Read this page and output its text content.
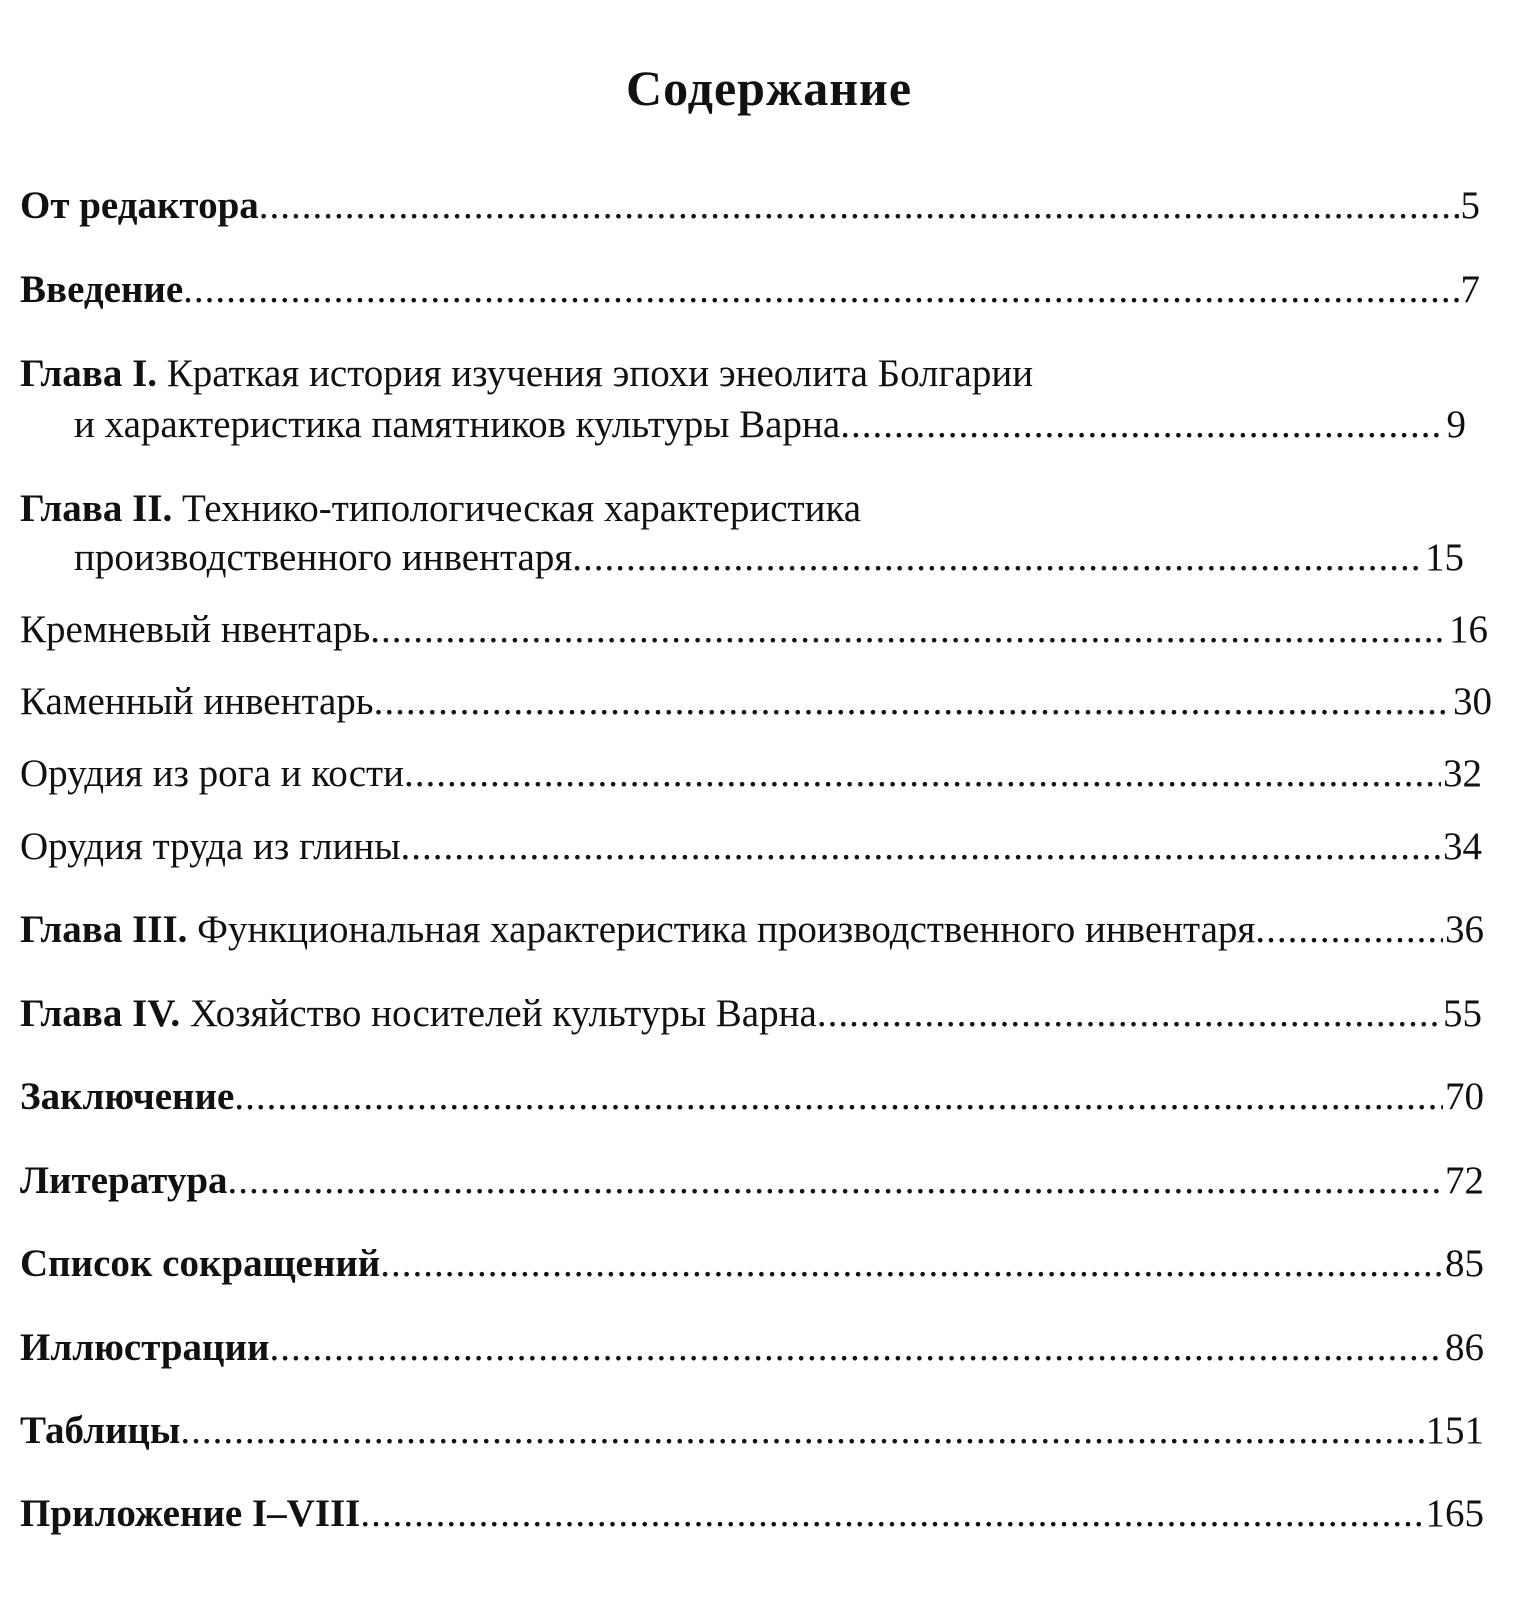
Содержание
От редактора .....	5
Введение .....	7
Глава I. Краткая история изучения эпохи энеолита Болгарии
и характеристика памятников культуры Варна .....	9
Глава II. Технико-типологическая характеристика
производственного инвентаря .....	15
Кремневый нвентарь .....	16
Каменный инвентарь .....	30
Орудия из рога и кости .....	32
Орудия труда из глины .....	34
Глава III. Функциональная характеристика производственного инвентаря .....	36
Глава IV. Хозяйство носителей культуры Варна .....	55
Заключение .....	70
Литература .....	72
Список сокращений .....	85
Иллюстрации .....	86
Таблицы .....	151
Приложение I–VIII .....	165
